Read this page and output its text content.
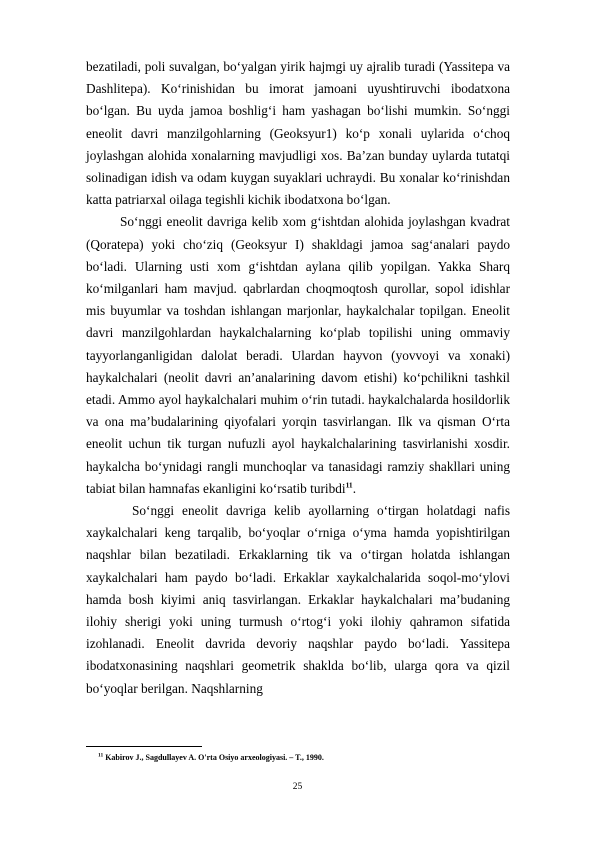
bezatiladi, poli suvalgan, bo‘yalgan yirik hajmgi uy ajralib turadi (Yassitepa va Dashlitepa). Ko‘rinishidan bu imorat jamoani uyushtiruvchi ibodatxona bo‘lgan. Bu uyda jamoa boshlig‘i ham yashagan bo‘lishi mumkin. So‘nggi eneolit davri manzilgohlarning (Geoksyur1) ko‘p xonali uylarida o‘choq joylashgan alohida xonalarning mavjudligi xos. Ba’zan bunday uylarda tutatqi solinadigan idish va odam kuygan suyaklari uchraydi. Bu xonalar ko‘rinishdan katta patriarxal oilaga tegishli kichik ibodatxona bo‘lgan.

So‘nggi eneolit davriga kelib xom g‘ishtdan alohida joylashgan kvadrat (Qoratepa) yoki cho‘ziq (Geoksyur I) shakldagi jamoa sag‘analari paydo bo‘ladi. Ularning usti xom g‘ishtdan aylana qilib yopilgan. Yakka Sharq ko‘milganlari ham mavjud. qabrlardan choqmoqtosh qurollar, sopol idishlar mis buyumlar va toshdan ishlangan marjonlar, haykalchalar topilgan. Eneolit davri manzilgohlardan haykalchalarning ko‘plab topilishi uning ommaviy tayyorlanganligidan dalolat beradi. Ulardan hayvon (yovvoyi va xonaki) haykalchalari (neolit davri an’analarining davom etishi) ko‘pchilikni tashkil etadi. Ammo ayol haykalchalari muhim o‘rin tutadi. haykalchalarda hosildorlik va ona ma’budalarining qiyofalari yorqin tasvirlangan. Ilk va qisman O‘rta eneolit uchun tik turgan nufuzli ayol haykalchalarining tasvirlanishi xosdir. haykalcha bo‘ynidagi rangli munchoqlar va tanasidagi ramziy shakllari uning tabiat bilan hamnafas ekanligini ko‘rsatib turibdi$^{11}$.

So‘nggi eneolit davriga kelib ayollarning o‘tirgan holatdagi nafis xaykalchalari keng tarqalib, bo‘yoqlar o‘rniga o‘yma hamda yopishtirilgan naqshlar bilan bezatiladi. Erkaklarning tik va o‘tirgan holatda ishlangan xaykalchalari ham paydo bo‘ladi. Erkaklar xaykalchalarida soqol-mo‘ylovi hamda bosh kiyimi aniq tasvirlangan. Erkaklar haykalchalari ma’budaning ilohiy sherigi yoki uning turmush o‘rtog‘i yoki ilohiy qahramon sifatida izohlanadi. Eneolit davrida devoriy naqshlar paydo bo‘ladi. Yassitepa ibodatxonasining naqshlari geometrik shaklda bo‘lib, ularga qora va qizil bo‘yoqlar berilgan. Naqshlarning

$^{11}$ Kabirov J., Sagdullayev A. O'rta Osiyo arxeologiyasi. – T., 1990.
25
